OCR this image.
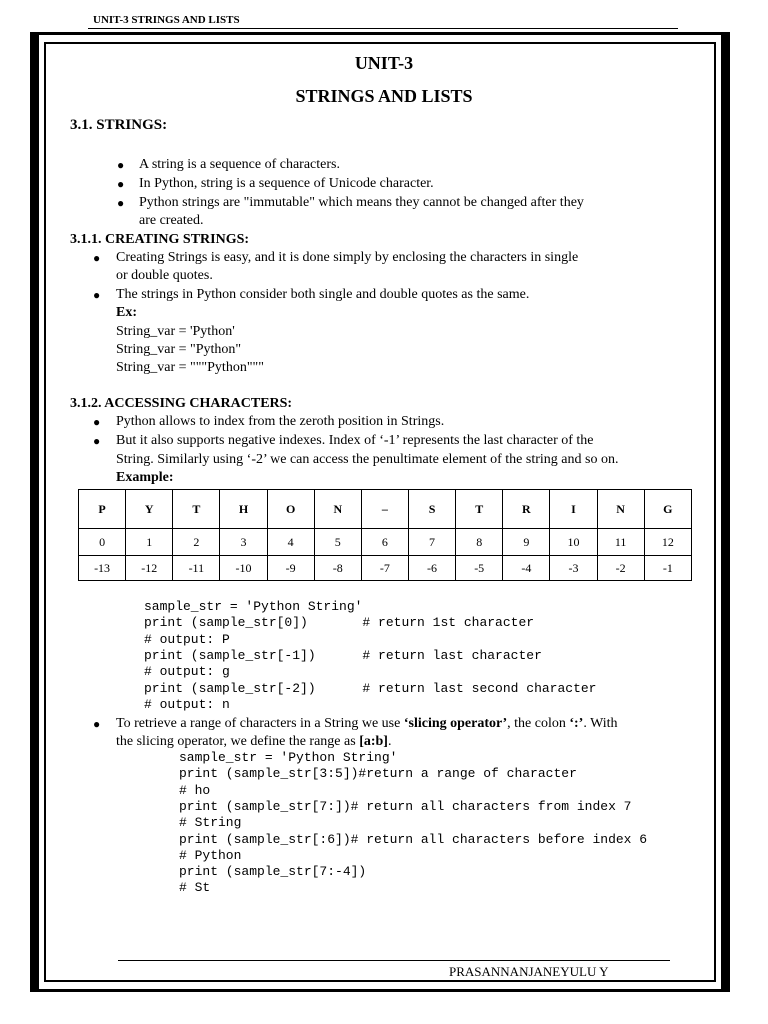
UNIT-3 STRINGS AND LISTS
UNIT-3
STRINGS AND LISTS
3.1. STRINGS:
● A string is a sequence of characters.
● In Python, string is a sequence of Unicode character.
● Python strings are "immutable" which means they cannot be changed after they
are created.
3.1.1. CREATING STRINGS:
● Creating Strings is easy, and it is done simply by enclosing the characters in single
or double quotes.
● The strings in Python consider both single and double quotes as the same.
Ex:
String_var = 'Python'
String_var = "Python"
String_var = """Python"""
3.1.2. ACCESSING CHARACTERS:
● Python allows to index from the zeroth position in Strings.
● But it also supports negative indexes. Index of ‘-1’ represents the last character of the
String. Similarly using ‘-2’ we can access the penultimate element of the string and so on.
Example:
P	Y	T	H	O	N	–	S	T	R	I	N	G
0	1	2	3	4	5	6	7	8	9	10	11	12
-13	-12	-11	-10	-9	-8	-7	-6	-5	-4	-3	-2	-1
sample_str = 'Python String'
print (sample_str[0])       # return 1st character
# output: P
print (sample_str[-1])      # return last character
# output: g
print (sample_str[-2])      # return last second character
# output: n
● To retrieve a range of characters in a String we use ‘slicing operator’, the colon ‘:’. With
the slicing operator, we define the range as [a:b].
sample_str = 'Python String'
print (sample_str[3:5])#return a range of character
# ho
print (sample_str[7:])# return all characters from index 7
# String
print (sample_str[:6])# return all characters before index 6
# Python
print (sample_str[7:-4])
# St
PRASANNANJANEYULU Y
